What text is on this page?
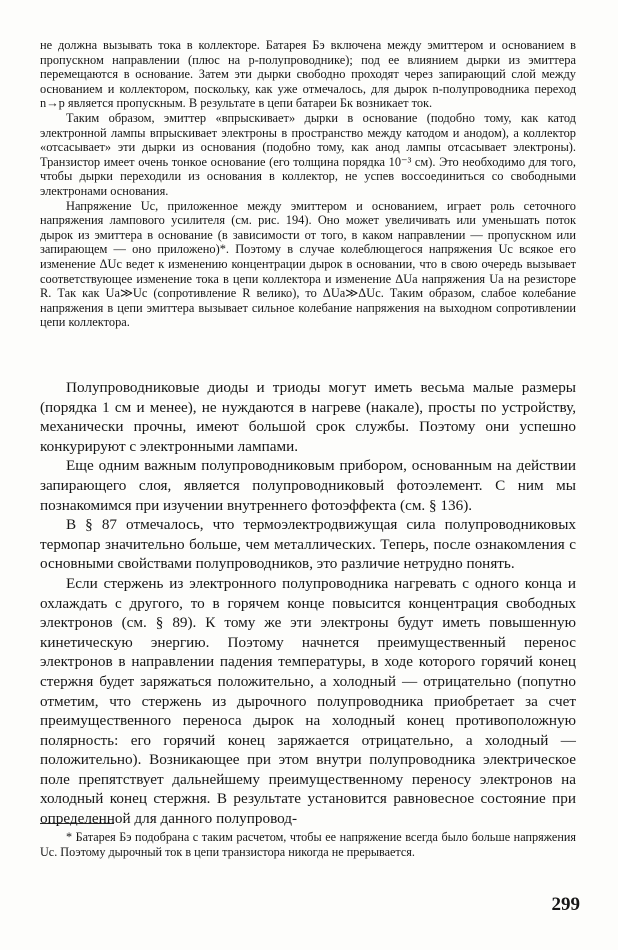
не должна вызывать тока в коллекторе. Батарея Бэ включена между эмиттером и основанием в пропускном направлении (плюс на p-полупроводнике); под ее влиянием дырки из эмиттера перемещаются в основание. Затем эти дырки свободно проходят через запирающий слой между основанием и коллектором, поскольку, как уже отмечалось, для дырок n-полупроводника переход n→p является пропускным. В результате в цепи батареи Бк возникает ток.

Таким образом, эмиттер «впрыскивает» дырки в основание (подобно тому, как катод электронной лампы впрыскивает электроны в пространство между катодом и анодом), а коллектор «отсасывает» эти дырки из основания (подобно тому, как анод лампы отсасывает электроны). Транзистор имеет очень тонкое основание (его толщина порядка 10⁻³ см). Это необходимо для того, чтобы дырки переходили из основания в коллектор, не успев воссоединиться со свободными электронами основания.

Напряжение Uc, приложенное между эмиттером и основанием, играет роль сеточного напряжения лампового усилителя (см. рис. 194). Оно может увеличивать или уменьшать поток дырок из эмиттера в основание (в зависимости от того, в каком направлении — пропускном или запирающем — оно приложено)*. Поэтому в случае колеблющегося напряжения Uc всякое его изменение ΔUc ведет к изменению концентрации дырок в основании, что в свою очередь вызывает соответствующее изменение тока в цепи коллектора и изменение ΔUa напряжения Ua на резисторе R. Так как Ua≫Uc (сопротивление R велико), то ΔUa≫ΔUc. Таким образом, слабое колебание напряжения в цепи эмиттера вызывает сильное колебание напряжения на выходном сопротивлении цепи коллектора.

Полупроводниковые диоды и триоды могут иметь весьма малые размеры (порядка 1 см и менее), не нуждаются в нагреве (накале), просты по устройству, механически прочны, имеют большой срок службы. Поэтому они успешно конкурируют с электронными лампами.

Еще одним важным полупроводниковым прибором, основанным на действии запирающего слоя, является полупроводниковый фотоэлемент. С ним мы познакомимся при изучении внутреннего фотоэффекта (см. § 136).

В § 87 отмечалось, что термоэлектродвижущая сила полупроводниковых термопар значительно больше, чем металлических. Теперь, после ознакомления с основными свойствами полупроводников, это различие нетрудно понять.

Если стержень из электронного полупроводника нагревать с одного конца и охлаждать с другого, то в горячем конце повысится концентрация свободных электронов (см. § 89). К тому же эти электроны будут иметь повышенную кинетическую энергию. Поэтому начнется преимущественный перенос электронов в направлении падения температуры, в ходе которого горячий конец стержня будет заряжаться положительно, а холодный — отрицательно (попутно отметим, что стержень из дырочного полупроводника приобретает за счет преимущественного переноса дырок на холодный конец противоположную полярность: его горячий конец заряжается отрицательно, а холодный — положительно). Возникающее при этом внутри полупроводника электрическое поле препятствует дальнейшему преимущественному переносу электронов на холодный конец стержня. В результате установится равновесное состояние при определенной для данного полупровод-

* Батарея Бэ подобрана с таким расчетом, чтобы ее напряжение всегда было больше напряжения Uc. Поэтому дырочный ток в цепи транзистора никогда не прерывается.

299
